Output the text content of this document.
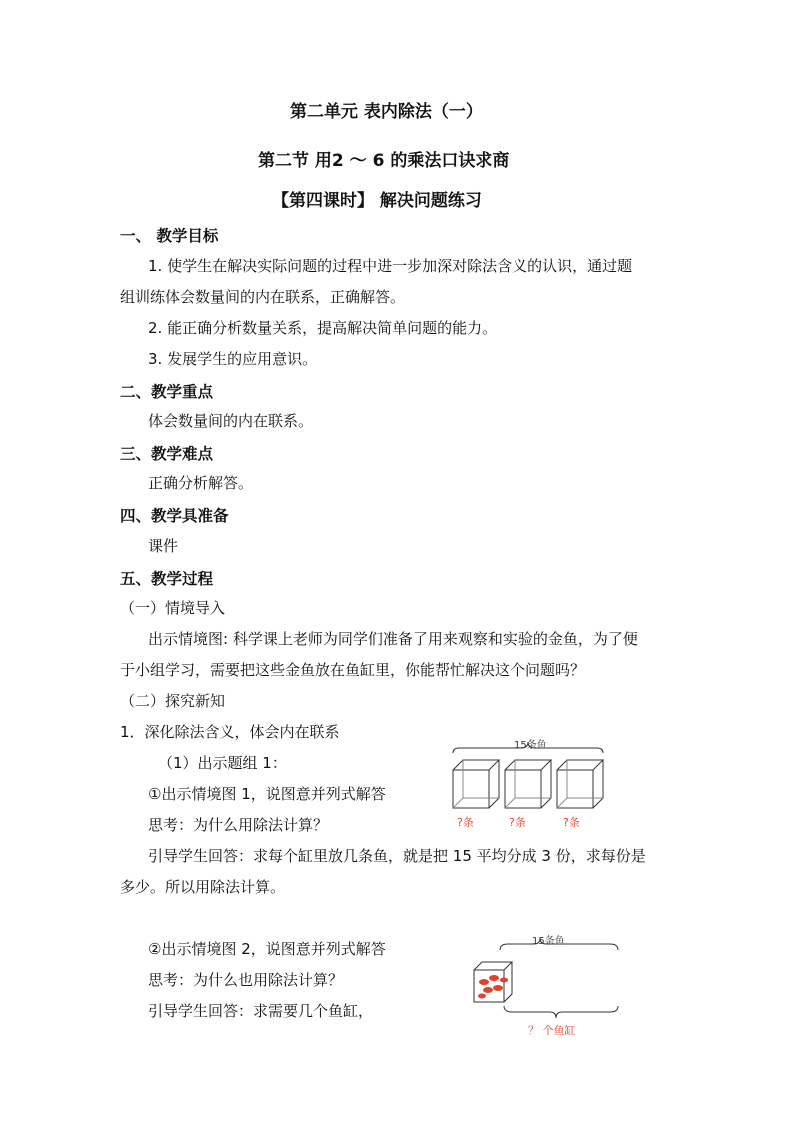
第二单元 表内除法（一）
第二节 用2 ～ 6 的乘法口诀求商
【第四课时】 解决问题练习
一、 教学目标
1. 使学生在解决实际问题的过程中进一步加深对除法含义的认识，通过题
组训练体会数量间的内在联系，正确解答。
2. 能正确分析数量关系，提高解决简单问题的能力。
3. 发展学生的应用意识。
二、教学重点
体会数量间的内在联系。
三、教学难点
正确分析解答。
四、教学具准备
课件
五、教学过程
（一）情境导入
出示情境图: 科学课上老师为同学们准备了用来观察和实验的金鱼，为了便
于小组学习，需要把这些金鱼放在鱼缸里，你能帮忙解决这个问题吗？
（二）探究新知
1．深化除法含义，体会内在联系
（1）出示题组 1：
①出示情境图 1，说图意并列式解答
思考：为什么用除法计算？
引导学生回答：求每个缸里放几条鱼，就是把 15 平均分成 3 份，求每份是
多少。所以用除法计算。
②出示情境图 2，说图意并列式解答
思考：为什么也用除法计算？
引导学生回答：求需要几个鱼缸，
15条鱼
?条	?条	?条
15条鱼
？ 个鱼缸
